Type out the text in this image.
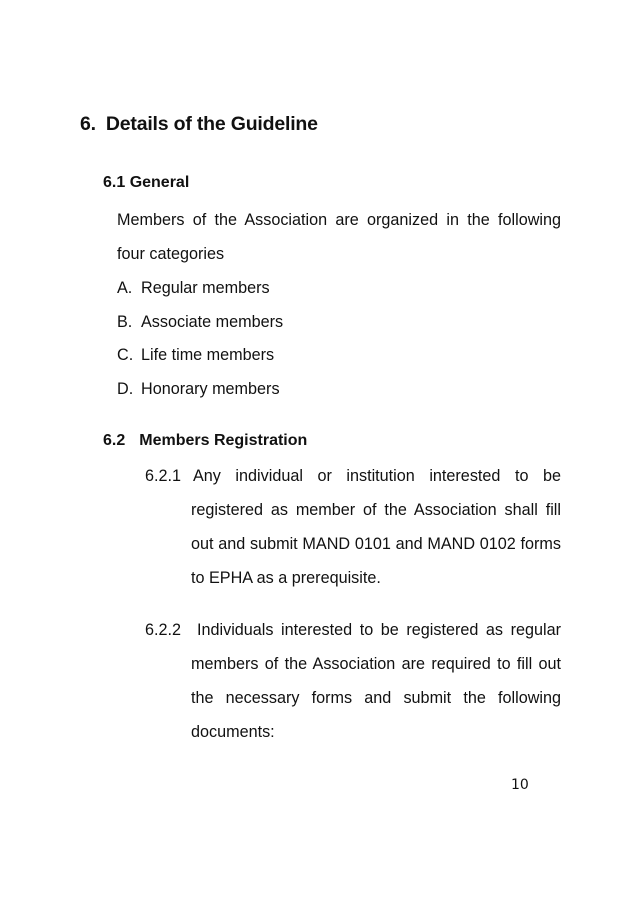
6. Details of the Guideline
6.1 General
Members of the Association are organized in the following
four categories
A. Regular members
B. Associate members
C. Life time members
D. Honorary members
6.2 Members Registration
6.2.1 Any individual or institution interested to be
registered as member of the Association shall fill
out and submit MAND 0101 and MAND 0102 forms
to EPHA as a prerequisite.
6.2.2 Individuals interested to be registered as regular
members of the Association are required to fill out
the necessary forms and submit the following
documents:
10
